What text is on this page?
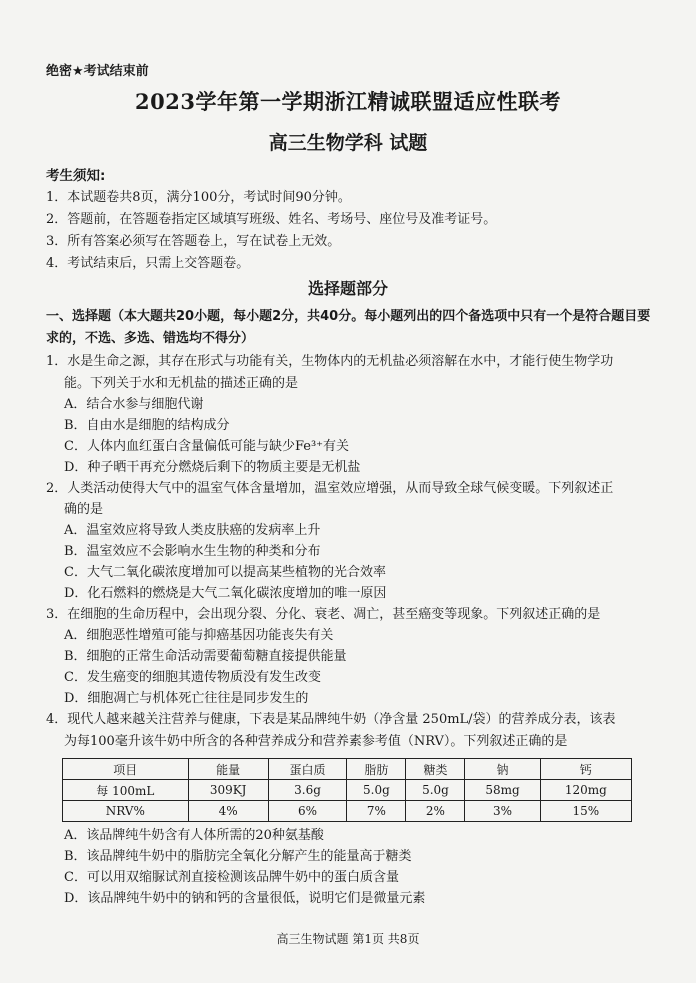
绝密★考试结束前
2023学年第一学期浙江精诚联盟适应性联考
高三生物学科 试题
考生须知:
1．本试题卷共8页，满分100分，考试时间90分钟。
2．答题前，在答题卷指定区域填写班级、姓名、考场号、座位号及准考证号。
3．所有答案必须写在答题卷上，写在试卷上无效。
4．考试结束后，只需上交答题卷。
选择题部分
一、选择题（本大题共20小题，每小题2分，共40分。每小题列出的四个备选项中只有一个是符合题目要求的，不选、多选、错选均不得分）
1．水是生命之源，其存在形式与功能有关，生物体内的无机盐必须溶解在水中，才能行使生物学功
能。下列关于水和无机盐的描述正确的是
A．结合水参与细胞代谢
B．自由水是细胞的结构成分
C．人体内血红蛋白含量偏低可能与缺少Fe³⁺有关
D．种子晒干再充分燃烧后剩下的物质主要是无机盐
2．人类活动使得大气中的温室气体含量增加，温室效应增强，从而导致全球气候变暖。下列叙述正
确的是
A．温室效应将导致人类皮肤癌的发病率上升
B．温室效应不会影响水生生物的种类和分布
C．大气二氧化碳浓度增加可以提高某些植物的光合效率
D．化石燃料的燃烧是大气二氧化碳浓度增加的唯一原因
3．在细胞的生命历程中，会出现分裂、分化、衰老、凋亡，甚至癌变等现象。下列叙述正确的是
A．细胞恶性增殖可能与抑癌基因功能丧失有关
B．细胞的正常生命活动需要葡萄糖直接提供能量
C．发生癌变的细胞其遗传物质没有发生改变
D．细胞凋亡与机体死亡往往是同步发生的
4．现代人越来越关注营养与健康，下表是某品牌纯牛奶（净含量 250mL/袋）的营养成分表，该表
为每100毫升该牛奶中所含的各种营养成分和营养素参考值（NRV）。下列叙述正确的是
项目	能量	蛋白质	脂肪	糖类	钠	钙
每 100mL	309KJ	3.6g	5.0g	5.0g	58mg	120mg
NRV%	4%	6%	7%	2%	3%	15%
A．该品牌纯牛奶含有人体所需的20种氨基酸
B．该品牌纯牛奶中的脂肪完全氧化分解产生的能量高于糖类
C．可以用双缩脲试剂直接检测该品牌牛奶中的蛋白质含量
D．该品牌纯牛奶中的钠和钙的含量很低，说明它们是微量元素
高三生物试题 第1页 共8页
